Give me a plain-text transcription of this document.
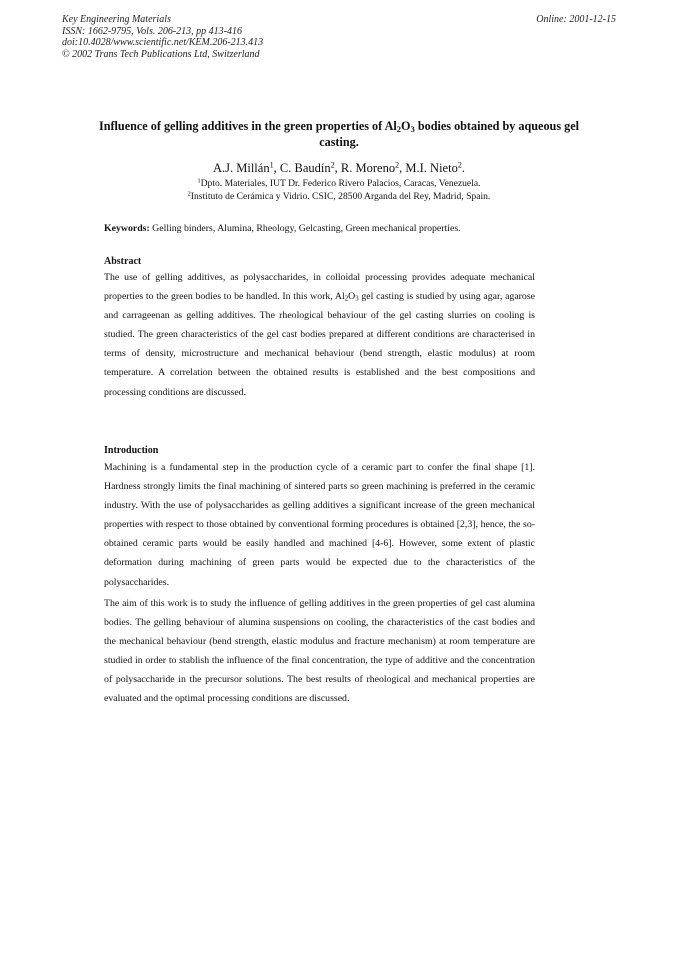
Key Engineering Materials
ISSN: 1662-9795, Vols. 206-213, pp 413-416
doi:10.4028/www.scientific.net/KEM.206-213.413
© 2002 Trans Tech Publications Ltd, Switzerland
Online: 2001-12-15
Influence of gelling additives in the green properties of $Al_2O_3$ bodies obtained by aqueous gel casting.
A.J. Millán$^1$, C. Baudín$^2$, R. Moreno$^2$, M.I. Nieto$^2$.
$^1$Dpto. Materiales, IUT Dr. Federico Rivero Palacios, Caracas, Venezuela.
$^2$Instituto de Cerámica y Vidrio. CSIC, 28500 Arganda del Rey, Madrid, Spain.
Keywords: Gelling binders, Alumina, Rheology, Gelcasting, Green mechanical properties.
Abstract

The use of gelling additives, as polysaccharides, in colloidal processing provides adequate mechanical properties to the green bodies to be handled. In this work, $Al_2O_3$ gel casting is studied by using agar, agarose and carrageenan as gelling additives. The rheological behaviour of the gel casting slurries on cooling is studied. The green characteristics of the gel cast bodies prepared at different conditions are characterised in terms of density, microstructure and mechanical behaviour (bend strength, elastic modulus) at room temperature. A correlation between the obtained results is established and the best compositions and processing conditions are discussed.

Introduction

Machining is a fundamental step in the production cycle of a ceramic part to confer the final shape [1]. Hardness strongly limits the final machining of sintered parts so green machining is preferred in the ceramic industry. With the use of polysaccharides as gelling additives a significant increase of the green mechanical properties with respect to those obtained by conventional forming procedures is obtained [2,3], hence, the so-obtained ceramic parts would be easily handled and machined [4-6]. However, some extent of plastic deformation during machining of green parts would be expected due to the characteristics of the polysaccharides.

The aim of this work is to study the influence of gelling additives in the green properties of gel cast alumina bodies. The gelling behaviour of alumina suspensions on cooling, the characteristics of the cast bodies and the mechanical behaviour (bend strength, elastic modulus and fracture mechanism) at room temperature are studied in order to stablish the influence of the final concentration, the type of additive and the concentration of polysaccharide in the precursor solutions. The best results of rheological and mechanical properties are evaluated and the optimal processing conditions are discussed.
